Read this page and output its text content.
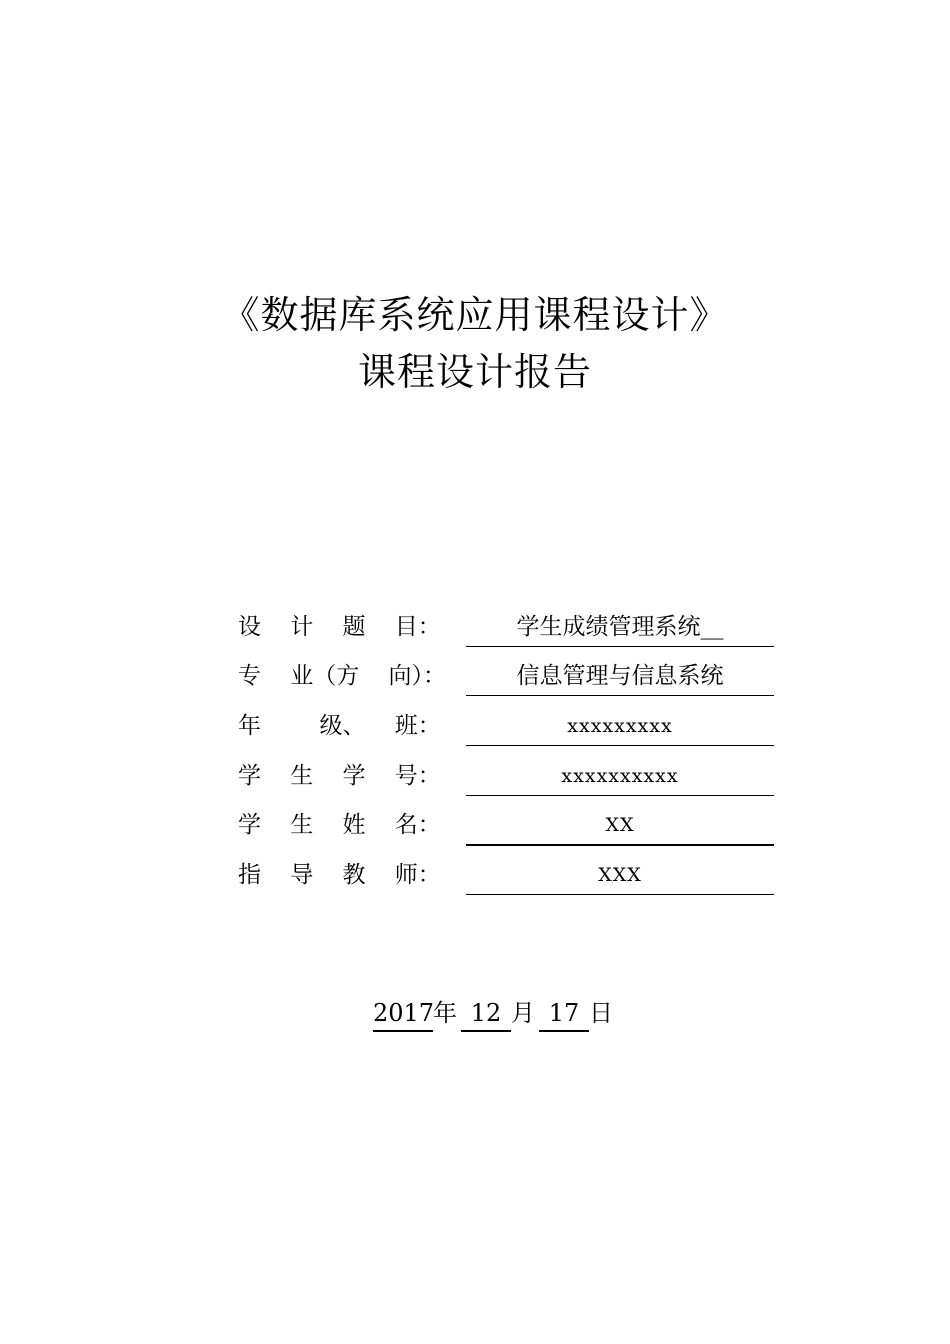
《数据库系统应用课程设计》
课程设计报告
设    计    题    目：	学生成绩管理系统__
专    业（方    向）：	信息管理与信息系统
年        级、    班：	xxxxxxxxx
学    生    学    号：	xxxxxxxxxx
学    生    姓    名：	XX
指    导    教    师：	XXX
2017年 12 月 17 日
